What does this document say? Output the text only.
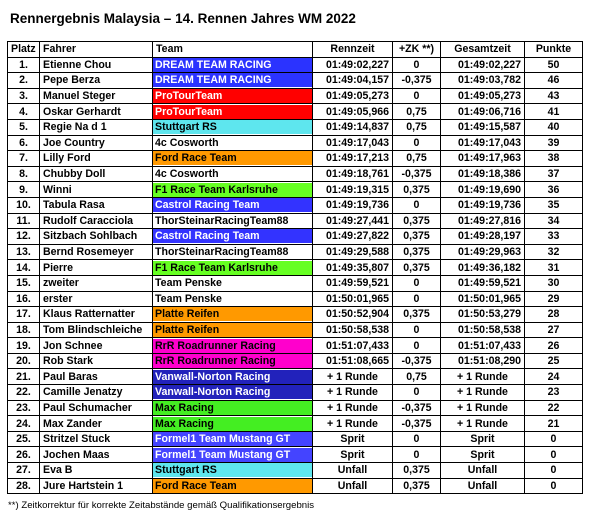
Rennergebnis Malaysia – 14. Rennen Jahres WM 2022
Platz	Fahrer	Team	Rennzeit	+ZK **)	Gesamtzeit	Punkte
1.	Etienne Chou	DREAM TEAM RACING	01:49:02,227	0	01:49:02,227	50
2.	Pepe Berza	DREAM TEAM RACING	01:49:04,157	-0,375	01:49:03,782	46
3.	Manuel Steger	ProTourTeam	01:49:05,273	0	01:49:05,273	43
4.	Oskar Gerhardt	ProTourTeam	01:49:05,966	0,75	01:49:06,716	41
5.	Regie Na d 1	Stuttgart RS	01:49:14,837	0,75	01:49:15,587	40
6.	Joe Country	4c Cosworth	01:49:17,043	0	01:49:17,043	39
7.	Lilly Ford	Ford Race Team	01:49:17,213	0,75	01:49:17,963	38
8.	Chubby Doll	4c Cosworth	01:49:18,761	-0,375	01:49:18,386	37
9.	Winni	F1 Race Team Karlsruhe	01:49:19,315	0,375	01:49:19,690	36
10.	Tabula Rasa	Castrol Racing Team	01:49:19,736	0	01:49:19,736	35
11.	Rudolf Caracciola	ThorSteinarRacingTeam88	01:49:27,441	0,375	01:49:27,816	34
12.	Sitzbach Sohlbach	Castrol Racing Team	01:49:27,822	0,375	01:49:28,197	33
13.	Bernd Rosemeyer	ThorSteinarRacingTeam88	01:49:29,588	0,375	01:49:29,963	32
14.	Pierre	F1 Race Team Karlsruhe	01:49:35,807	0,375	01:49:36,182	31
15.	zweiter	Team Penske	01:49:59,521	0	01:49:59,521	30
16.	erster	Team Penske	01:50:01,965	0	01:50:01,965	29
17.	Klaus Ratternatter	Platte Reifen	01:50:52,904	0,375	01:50:53,279	28
18.	Tom Blindschleiche	Platte Reifen	01:50:58,538	0	01:50:58,538	27
19.	Jon Schnee	RrR Roadrunner Racing	01:51:07,433	0	01:51:07,433	26
20.	Rob Stark	RrR Roadrunner Racing	01:51:08,665	-0,375	01:51:08,290	25
21.	Paul Baras	Vanwall-Norton Racing	+ 1 Runde	0,75	+ 1 Runde	24
22.	Camille Jenatzy	Vanwall-Norton Racing	+ 1 Runde	0	+ 1 Runde	23
23.	Paul Schumacher	Max Racing	+ 1 Runde	-0,375	+ 1 Runde	22
24.	Max Zander	Max Racing	+ 1 Runde	-0,375	+ 1 Runde	21
25.	Stritzel Stuck	Formel1 Team Mustang GT	Sprit	0	Sprit	0
26.	Jochen Maas	Formel1 Team Mustang GT	Sprit	0	Sprit	0
27.	Eva B	Stuttgart RS	Unfall	0,375	Unfall	0
28.	Jure Hartstein 1	Ford Race Team	Unfall	0,375	Unfall	0
**) Zeitkorrektur für korrekte Zeitabstände gemäß Qualifikationsergebnis
